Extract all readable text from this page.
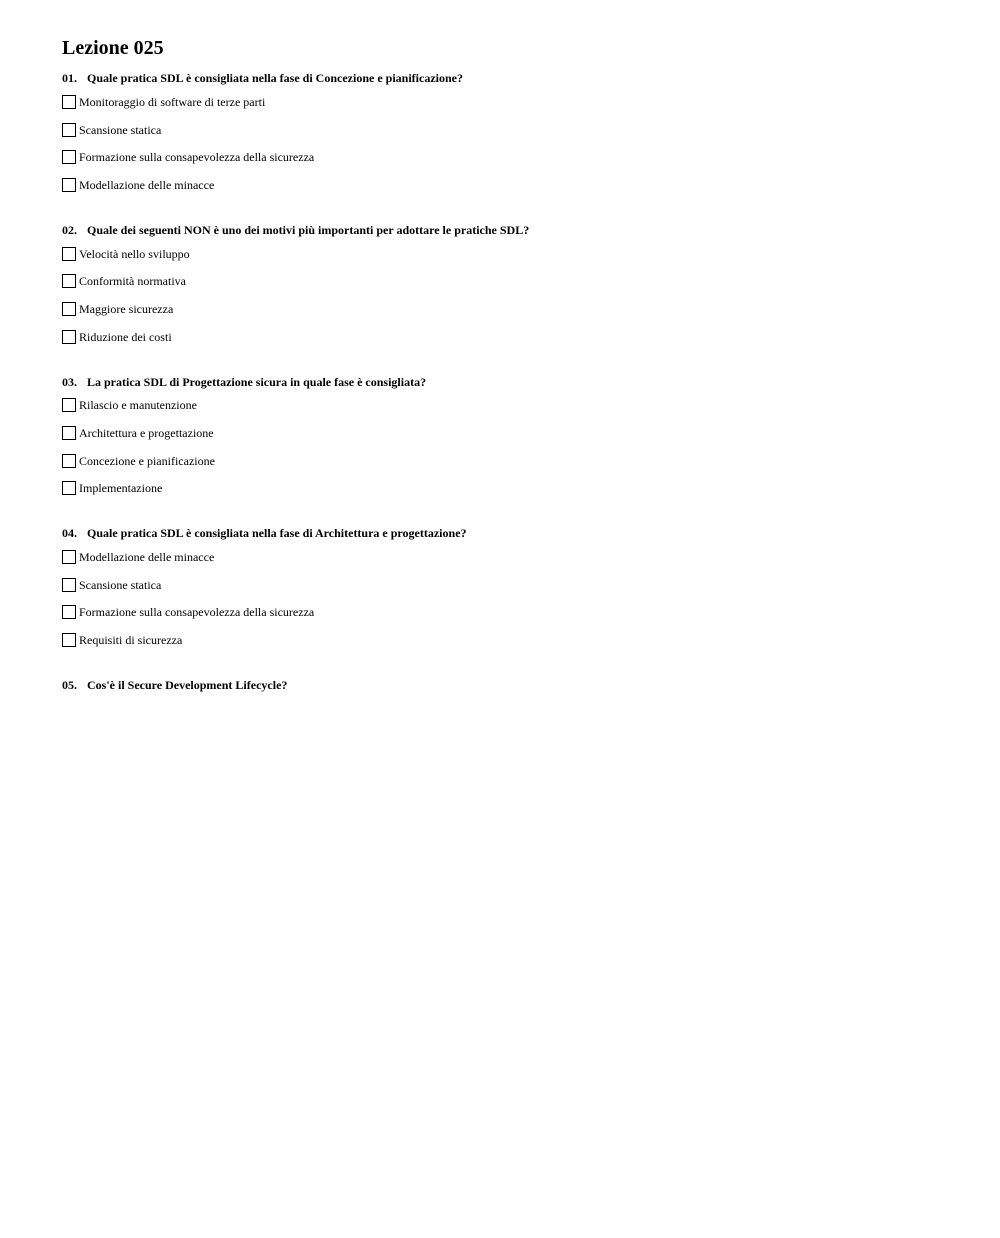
Lezione 025
01. Quale pratica SDL è consigliata nella fase di Concezione e pianificazione?
Monitoraggio di software di terze parti
Scansione statica
Formazione sulla consapevolezza della sicurezza
Modellazione delle minacce
02. Quale dei seguenti NON è uno dei motivi più importanti per adottare le pratiche SDL?
Velocità nello sviluppo
Conformità normativa
Maggiore sicurezza
Riduzione dei costi
03. La pratica SDL di Progettazione sicura in quale fase è consigliata?
Rilascio e manutenzione
Architettura e progettazione
Concezione e pianificazione
Implementazione
04. Quale pratica SDL è consigliata nella fase di Architettura e progettazione?
Modellazione delle minacce
Scansione statica
Formazione sulla consapevolezza della sicurezza
Requisiti di sicurezza
05. Cos'è il Secure Development Lifecycle?
